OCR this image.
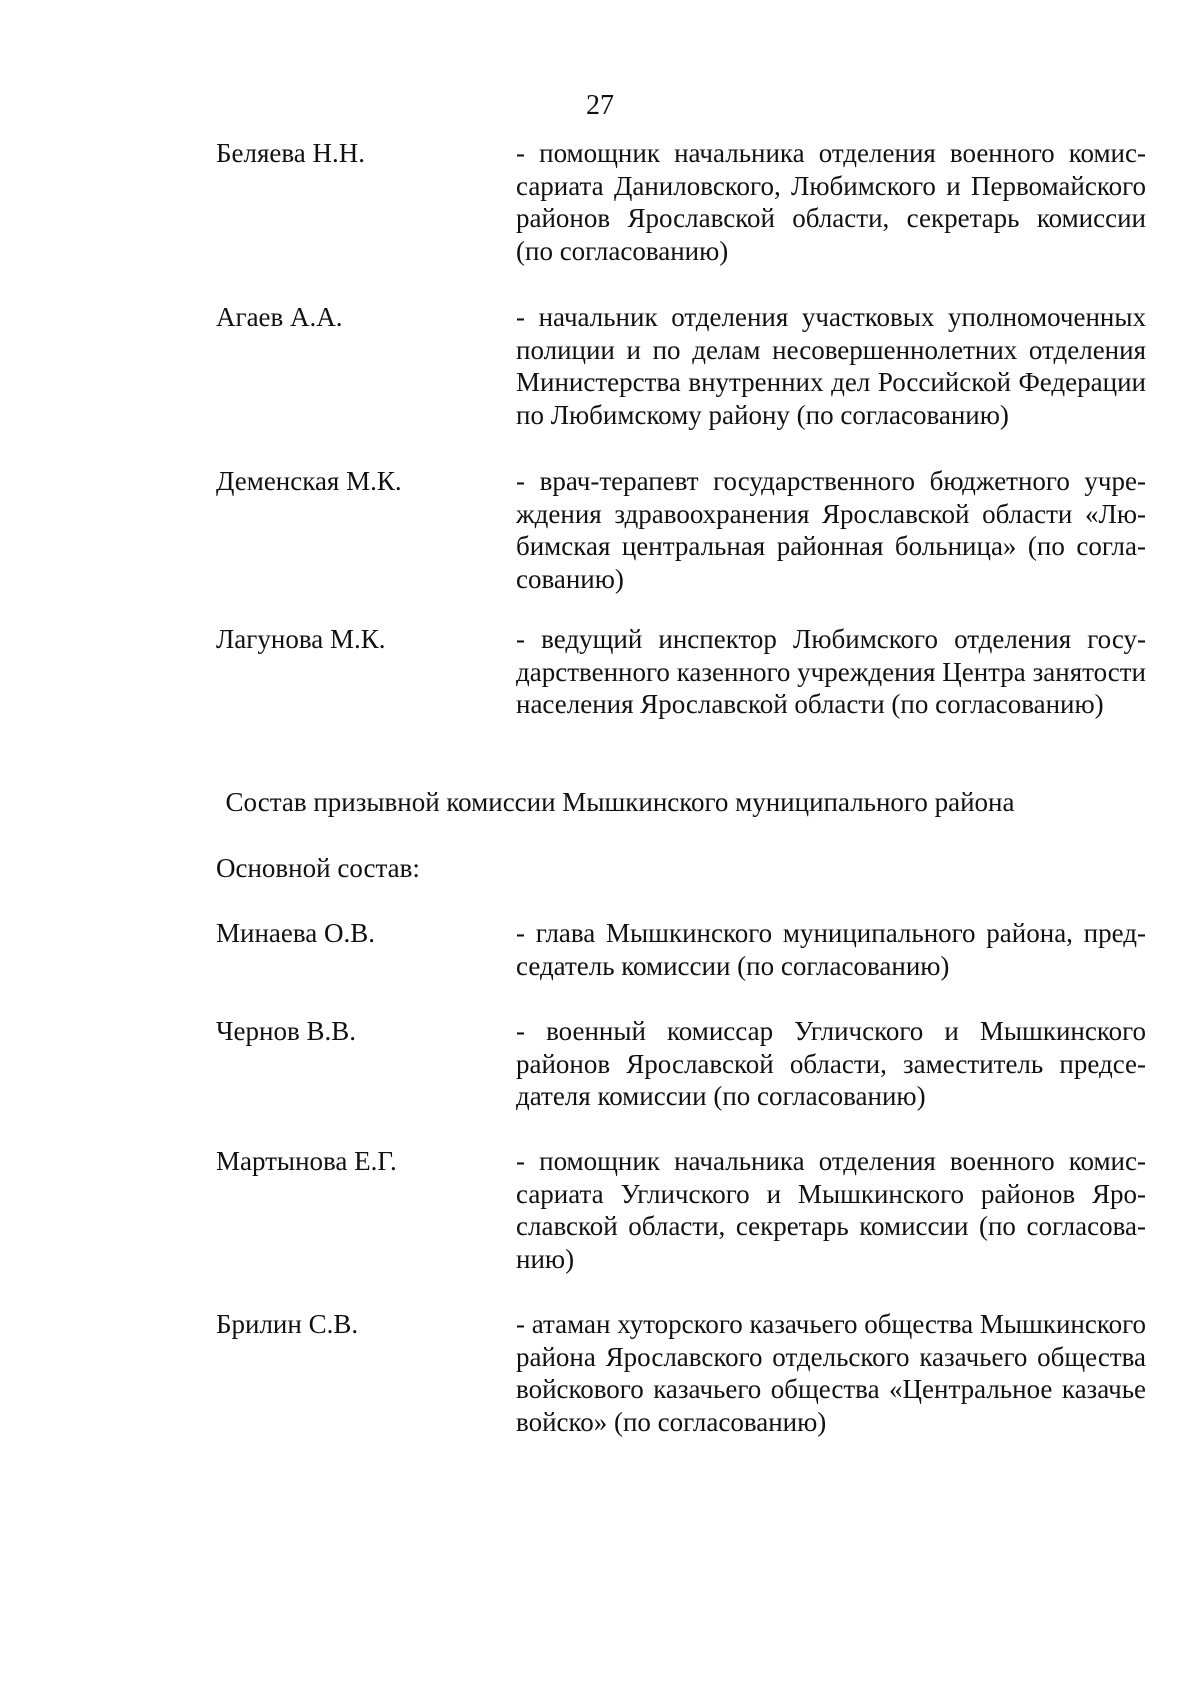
27
Беляева Н.Н.	- помощник начальника отделения военного комиссариата Даниловского, Любимского и Первомайского районов Ярославской области, секретарь комиссии (по согласованию)
Агаев А.А.	- начальник отделения участковых уполномоченных полиции и по делам несовершеннолетних отделения Министерства внутренних дел Российской Федерации по Любимскому району (по согласованию)
Деменская М.К.	- врач-терапевт государственного бюджетного учреждения здравоохранения Ярославской области «Любимская центральная районная больница» (по согласованию)
Лагунова М.К.	- ведущий инспектор Любимского отделения государственного казенного учреждения Центра занятости населения Ярославской области (по согласованию)
Состав призывной комиссии Мышкинского муниципального района
Основной состав:
Минаева О.В.	- глава Мышкинского муниципального района, председатель комиссии (по согласованию)
Чернов В.В.	- военный комиссар Угличского и Мышкинского районов Ярославской области, заместитель председателя комиссии (по согласованию)
Мартынова Е.Г.	- помощник начальника отделения военного комиссариата Угличского и Мышкинского районов Ярославской области, секретарь комиссии (по согласованию)
Брилин С.В.	- атаман хуторского казачьего общества Мышкинского района Ярославского отдельского казачьего общества войскового казачьего общества «Центральное казачье войско» (по согласованию)
